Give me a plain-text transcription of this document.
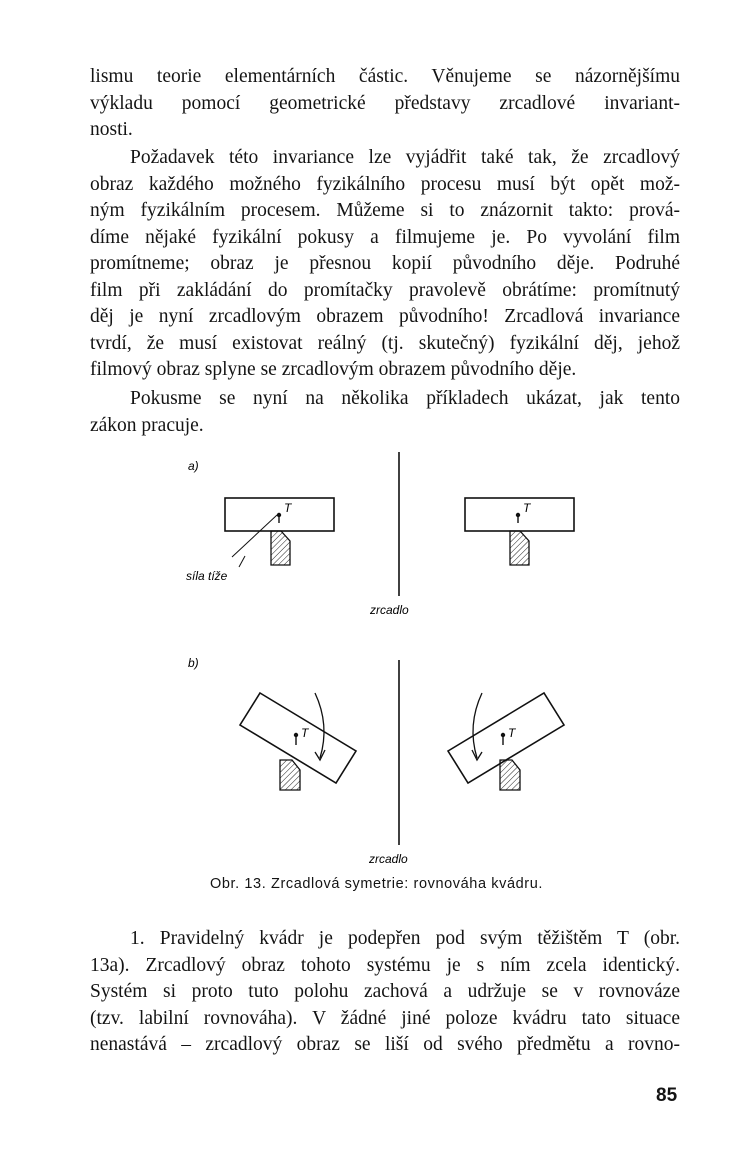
lismu teorie elementárních částic. Věnujeme se názornějšímu
výkladu pomocí geometrické představy zrcadlové invariant-
nosti.
Požadavek této invariance lze vyjádřit také tak, že zrcadlový
obraz každého možného fyzikálního procesu musí být opět mož-
ným fyzikálním procesem. Můžeme si to znázornit takto: prová-
díme nějaké fyzikální pokusy a filmujeme je. Po vyvolání film
promítneme; obraz je přesnou kopií původního děje. Podruhé
film při zakládání do promítačky pravolevě obrátíme: promítnutý
děj je nyní zrcadlovým obrazem původního! Zrcadlová invariance
tvrdí, že musí existovat reálný (tj. skutečný) fyzikální děj, jehož
filmový obraz splyne se zrcadlovým obrazem původního děje.
Pokusme se nyní na několika příkladech ukázat, jak tento
zákon pracuje.
a)
b)
zrcadlo
T
síla tíže
T
zrcadlo
T	T
Obr. 13. Zrcadlová symetrie: rovnováha kvádru.
1. Pravidelný kvádr je podepřen pod svým těžištěm T (obr.
13a). Zrcadlový obraz tohoto systému je s ním zcela identický.
Systém si proto tuto polohu zachová a udržuje se v rovnováze
(tzv. labilní rovnováha). V žádné jiné poloze kvádru tato situace
nenastává – zrcadlový obraz se liší od svého předmětu a rovno-
85
